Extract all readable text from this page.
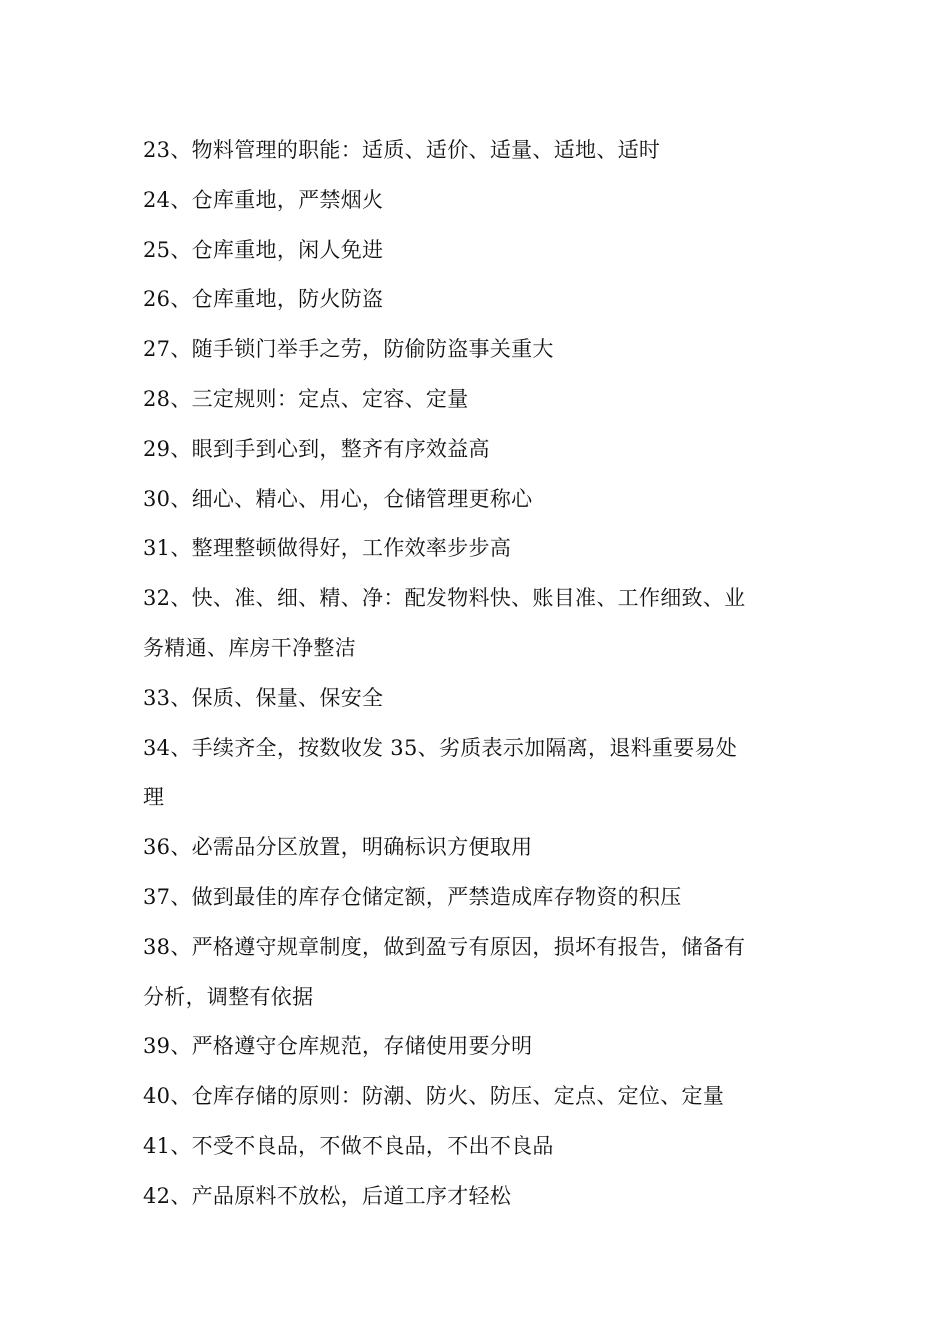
23、物料管理的职能：适质、适价、适量、适地、适时
24、仓库重地，严禁烟火
25、仓库重地，闲人免进
26、仓库重地，防火防盗
27、随手锁门举手之劳，防偷防盗事关重大
28、三定规则：定点、定容、定量
29、眼到手到心到，整齐有序效益高
30、细心、精心、用心，仓储管理更称心
31、整理整顿做得好，工作效率步步高
32、快、准、细、精、净：配发物料快、账目准、工作细致、业
务精通、库房干净整洁
33、保质、保量、保安全
34、手续齐全，按数收发 35、劣质表示加隔离，退料重要易处
理
36、必需品分区放置，明确标识方便取用
37、做到最佳的库存仓储定额，严禁造成库存物资的积压
38、严格遵守规章制度，做到盈亏有原因，损坏有报告，储备有
分析，调整有依据
39、严格遵守仓库规范，存储使用要分明
40、仓库存储的原则：防潮、防火、防压、定点、定位、定量
41、不受不良品，不做不良品，不出不良品
42、产品原料不放松，后道工序才轻松
